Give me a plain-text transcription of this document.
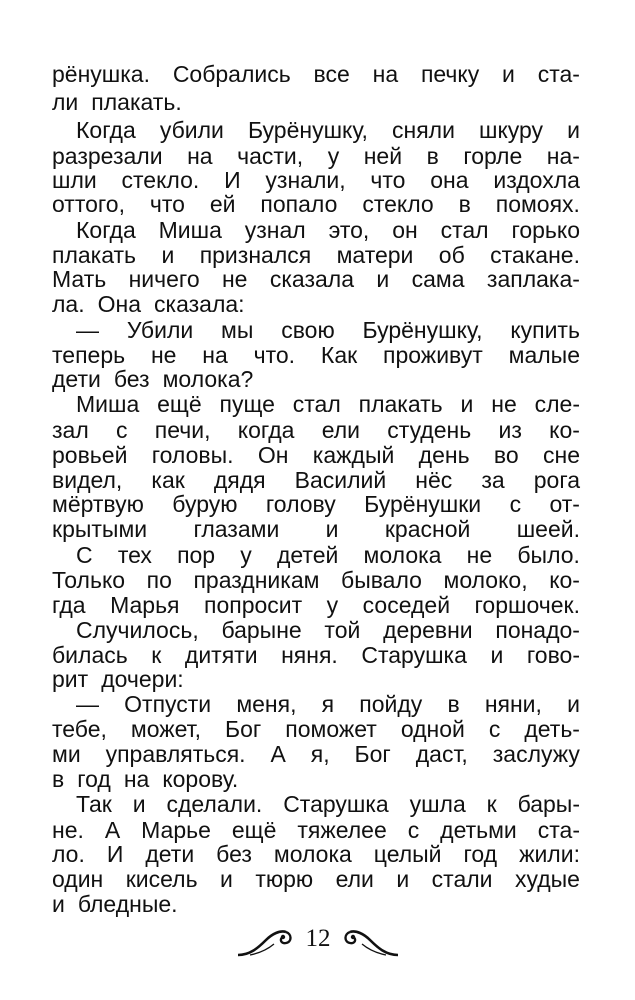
рёнушка. Собрались все на печку и ста-
ли плакать.
Когда убили Бурёнушку, сняли шкуру и
разрезали на части, у ней в горле на-
шли стекло. И узнали, что она издохла
оттого, что ей попало стекло в помоях.
Когда Миша узнал это, он стал горько
плакать и признался матери об стакане.
Мать ничего не сказала и сама заплака-
ла. Она сказала:
— Убили мы свою Бурёнушку, купить
теперь не на что. Как проживут малые
дети без молока?
Миша ещё пуще стал плакать и не сле-
зал с печи, когда ели студень из ко-
ровьей головы. Он каждый день во сне
видел, как дядя Василий нёс за рога
мёртвую бурую голову Бурёнушки с от-
крытыми глазами и красной шеей.
С тех пор у детей молока не было.
Только по праздникам бывало молоко, ко-
гда Марья попросит у соседей горшочек.
Случилось, барыне той деревни понадо-
билась к дитяти няня. Старушка и гово-
рит дочери:
— Отпусти меня, я пойду в няни, и
тебе, может, Бог поможет одной с деть-
ми управляться. А я, Бог даст, заслужу
в год на корову.
Так и сделали. Старушка ушла к бары-
не. А Марье ещё тяжелее с детьми ста-
ло. И дети без молока целый год жили:
один кисель и тюрю ели и стали худые
и бледные.
12
